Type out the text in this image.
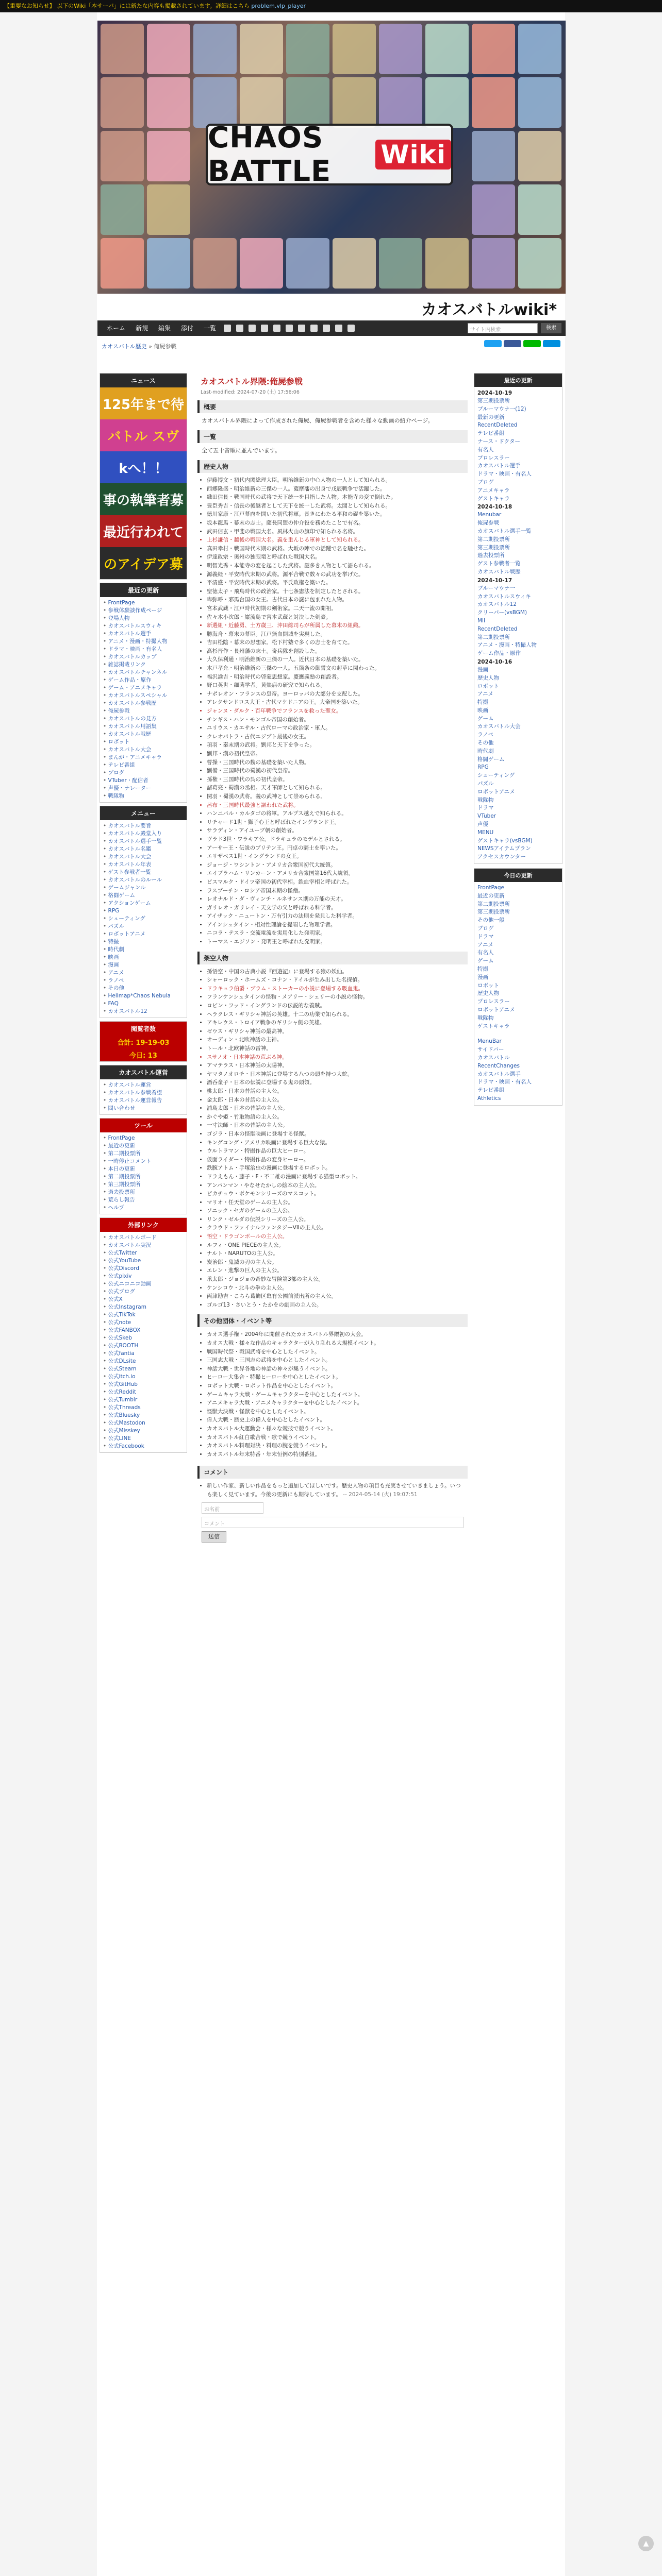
【重要なお知らせ】 以下のWiki「本サーバ」には新たな内容も掲載されています。詳細はこちら problem.vlp_player
CHAOS BATTLE	Wiki
カオスバトルwiki*
サイト内検索	検索
ホーム	新規	編集	添付	一覧
カオスバトル歴史 » 俺屍参戦
ニュース
125年まで待
バトル スヴ
kへ！！
事の執筆者募
最近行われて
のアイデア募
最近の更新
• FrontPage
• 参戦体験談作成ページ
• 登場人物
• カオスバトルスウィキ
• カオスバトル選手
• アニメ・漫画・特撮人物
• ドラマ・映画・有名人
• カオスバトルカップ
• 雑誌掲載リンク
• カオスバトルチャンネル
• ゲーム作品・原作
• ゲーム・アニメキャラ
• カオスバトルスペシャル
• カオスバトル参戦歴
• 俺屍参戦
• カオスバトルの見方
• カオスバトル用語集
• カオスバトル戦歴
• ロボット
• カオスバトル大会
• まんが・アニメキャラ
• テレビ番組
• ブログ
• VTuber・配信者
• 声優・ナレーター
• 戦隊物
メニュー
• カオスバトル要旨
• カオスバトル殿堂入り
• カオスバトル選手一覧
• カオスバトル名鑑
• カオスバトル大会
• カオスバトル年表
• ゲスト参戦者一覧
• カオスバトルのルール
• ゲームジャンル
• 格闘ゲーム
• アクションゲーム
• RPG
• シューティング
• パズル
• ロボットアニメ
• 特撮
• 時代劇
• 映画
• 漫画
• アニメ
• ラノベ
• その他
• Hellmap*Chaos Nebula
• FAQ
• カオスバトル12
閲覧者数
合計: 19-19-03
今日: 13
カオスバトル運営
• カオスバトル運営
• カオスバトル参戦希望
• カオスバトル運営報告
• 問い合わせ
ツール
• FrontPage
• 最近の更新
• 第二期投票所
• 一時停止コメント
• 本日の更新
• 第二期投票所
• 第三期投票所
• 過去投票所
• 荒らし報告
• ヘルプ
外部リンク
• カオスバトルボード
• カオスバトル実況
• 公式Twitter
• 公式YouTube
• 公式Discord
• 公式pixiv
• 公式ニコニコ動画
• 公式ブログ
• 公式X
• 公式Instagram
• 公式TikTok
• 公式note
• 公式FANBOX
• 公式Skeb
• 公式BOOTH
• 公式fantia
• 公式DLsite
• 公式Steam
• 公式itch.io
• 公式GitHub
• 公式Reddit
• 公式Tumblr
• 公式Threads
• 公式Bluesky
• 公式Mastodon
• 公式Misskey
• 公式LINE
• 公式Facebook
カオスバトル界隈:俺屍参戦
Last-modified: 2024-07-20 (土) 17:56:06
概要
カオスバトル界隈によって作成された俺屍、俺屍参戦者を含めた様々な動画の紹介ページ。
一覧
全て五十音順に並んでいます。
歴史人物
• 伊藤博文・初代内閣総理大臣。明治維新の中心人物の一人として知られる。
• 西郷隆盛・明治維新の三傑の一人。薩摩藩の出身で戊辰戦争で活躍した。
• 織田信長・戦国時代の武将で天下統一を目指した人物。本能寺の変で倒れた。
• 豊臣秀吉・信長の後継者として天下を統一した武将。太閤として知られる。
• 徳川家康・江戸幕府を開いた初代将軍。長きにわたる平和の礎を築いた。
• 坂本龍馬・幕末の志士。薩長同盟の仲介役を務めたことで有名。
• 武田信玄・甲斐の戦国大名。風林火山の旗印で知られる名将。
• 上杉謙信・越後の戦国大名。義を重んじる軍神として知られる。
• 真田幸村・戦国時代末期の武将。大坂の陣での活躍で名を馳せた。
• 伊達政宗・奥州の独眼竜と呼ばれた戦国大名。
• 明智光秀・本能寺の変を起こした武将。謎多き人物として語られる。
• 源義経・平安時代末期の武将。源平合戦で数々の武功を挙げた。
• 平清盛・平安時代末期の武将。平氏政権を築いた。
• 聖徳太子・飛鳥時代の政治家。十七条憲法を制定したとされる。
• 卑弥呼・邪馬台国の女王。古代日本の謎に包まれた人物。
• 宮本武蔵・江戸時代初期の剣術家。二天一流の開祖。
• 佐々木小次郎・巌流島で宮本武蔵と対決した剣豪。
• 新選組・近藤勇、土方歳三、沖田総司らが所属した幕末の組織。
• 勝海舟・幕末の幕臣。江戸無血開城を実現した。
• 吉田松陰・幕末の思想家。松下村塾で多くの志士を育てた。
• 高杉晋作・長州藩の志士。奇兵隊を創設した。
• 大久保利通・明治維新の三傑の一人。近代日本の基礎を築いた。
• 木戸孝允・明治維新の三傑の一人。五箇条の御誓文の起草に関わった。
• 福沢諭吉・明治時代の啓蒙思想家。慶應義塾の創設者。
• 野口英世・細菌学者。黄熱病の研究で知られる。
• ナポレオン・フランスの皇帝。ヨーロッパの大部分を支配した。
• アレクサンドロス大王・古代マケドニアの王。大帝国を築いた。
• ジャンヌ・ダルク・百年戦争でフランスを救った聖女。
• チンギス・ハン・モンゴル帝国の創始者。
• ユリウス・カエサル・古代ローマの政治家・軍人。
• クレオパトラ・古代エジプト最後の女王。
• 項羽・秦末期の武将。劉邦と天下を争った。
• 劉邦・漢の初代皇帝。
• 曹操・三国時代の魏の基礎を築いた人物。
• 劉備・三国時代の蜀漢の初代皇帝。
• 孫権・三国時代の呉の初代皇帝。
• 諸葛亮・蜀漢の丞相。天才軍師として知られる。
• 関羽・蜀漢の武将。義の武神として崇められる。
• 呂布・三国時代最強と謳われた武将。
• ハンニバル・カルタゴの将軍。アルプス越えで知られる。
• リチャード1世・獅子心王と呼ばれたイングランド王。
• サラディン・アイユーブ朝の創始者。
• ヴラド3世・ワラキア公。ドラキュラのモデルとされる。
• アーサー王・伝説のブリテン王。円卓の騎士を率いた。
• エリザベス1世・イングランドの女王。
• ジョージ・ワシントン・アメリカ合衆国初代大統領。
• エイブラハム・リンカーン・アメリカ合衆国第16代大統領。
• ビスマルク・ドイツ帝国の初代宰相。鉄血宰相と呼ばれた。
• ラスプーチン・ロシア帝国末期の怪僧。
• レオナルド・ダ・ヴィンチ・ルネサンス期の万能の天才。
• ガリレオ・ガリレイ・天文学の父と呼ばれる科学者。
• アイザック・ニュートン・万有引力の法則を発見した科学者。
• アインシュタイン・相対性理論を提唱した物理学者。
• ニコラ・テスラ・交流電流を実用化した発明家。
• トーマス・エジソン・発明王と呼ばれた発明家。
架空人物
• 孫悟空・中国の古典小説『西遊記』に登場する猿の妖仙。
• シャーロック・ホームズ・コナン・ドイルが生み出した名探偵。
• ドラキュラ伯爵・ブラム・ストーカーの小説に登場する吸血鬼。
• フランケンシュタインの怪物・メアリー・シェリーの小説の怪物。
• ロビン・フッド・イングランドの伝説的な義賊。
• ヘラクレス・ギリシャ神話の英雄。十二の功業で知られる。
• アキレウス・トロイア戦争のギリシャ側の英雄。
• ゼウス・ギリシャ神話の最高神。
• オーディン・北欧神話の主神。
• トール・北欧神話の雷神。
• スサノオ・日本神話の荒ぶる神。
• アマテラス・日本神話の太陽神。
• ヤマタノオロチ・日本神話に登場する八つの頭を持つ大蛇。
• 酒呑童子・日本の伝説に登場する鬼の頭領。
• 桃太郎・日本の昔話の主人公。
• 金太郎・日本の昔話の主人公。
• 浦島太郎・日本の昔話の主人公。
• かぐや姫・竹取物語の主人公。
• 一寸法師・日本の昔話の主人公。
• ゴジラ・日本の怪獣映画に登場する怪獣。
• キングコング・アメリカ映画に登場する巨大な猿。
• ウルトラマン・特撮作品の巨大ヒーロー。
• 仮面ライダー・特撮作品の変身ヒーロー。
• 鉄腕アトム・手塚治虫の漫画に登場するロボット。
• ドラえもん・藤子・F・不二雄の漫画に登場する猫型ロボット。
• アンパンマン・やなせたかしの絵本の主人公。
• ピカチュウ・ポケモンシリーズのマスコット。
• マリオ・任天堂のゲームの主人公。
• ソニック・セガのゲームの主人公。
• リンク・ゼルダの伝説シリーズの主人公。
• クラウド・ファイナルファンタジーVIIの主人公。
• 悟空・ドラゴンボールの主人公。
• ルフィ・ONE PIECEの主人公。
• ナルト・NARUTOの主人公。
• 炭治郎・鬼滅の刃の主人公。
• エレン・進撃の巨人の主人公。
• 承太郎・ジョジョの奇妙な冒険第3部の主人公。
• ケンシロウ・北斗の拳の主人公。
• 両津勘吉・こちら葛飾区亀有公園前派出所の主人公。
• ゴルゴ13・さいとう・たかをの劇画の主人公。
その他団体・イベント等
• カオス選手権・2004年に開催されたカオスバトル界隈初の大会。
• カオス大戦・様々な作品のキャラクターが入り乱れる大規模イベント。
• 戦国時代祭・戦国武将を中心としたイベント。
• 三国志大戦・三国志の武将を中心としたイベント。
• 神話大戦・世界各地の神話の神々が集うイベント。
• ヒーロー大集合・特撮ヒーローを中心としたイベント。
• ロボット大戦・ロボット作品を中心としたイベント。
• ゲームキャラ大戦・ゲームキャラクターを中心としたイベント。
• アニメキャラ大戦・アニメキャラクターを中心としたイベント。
• 怪獣大決戦・怪獣を中心としたイベント。
• 偉人大戦・歴史上の偉人を中心としたイベント。
• カオスバトル大運動会・様々な競技で競うイベント。
• カオスバトル紅白歌合戦・歌で競うイベント。
• カオスバトル料理対決・料理の腕を競うイベント。
• カオスバトル年末特番・年末恒例の特別番組。
コメント
• 新しい作家、新しい作品をもっと追加してほしいです。歴史人物の項目も充実させていきましょう。いつも楽しく見ています。今後の更新にも期待しています。 -- 2024-05-14 (火) 19:07:51
お名前
コメント
送信
最近の更新
2024-10-19
第三期投票所
ブルーマウナ一(12)
最新の更新
RecentDeleted
テレビ番組
ナース・ドクター
有名人
プロレスラー
カオスバトル選手
ドラマ・映画・有名人
ブログ
アニメキャラ
ゲストキャラ
2024-10-18
Menubar
俺屍参戦
カオスバトル選手一覧
第二期投票所
第三期投票所
過去投票所
ゲスト参戦者一覧
カオスバトル戦歴
2024-10-17
ブルーマウナ一
カオスバトルスウィキ
カオスバトル12
クリーパー(vsBGM)
Mii
RecentDeleted
第二期投票所
アニメ・漫画・特撮人物
ゲーム作品・原作
2024-10-16
漫画
歴史人物
ロボット
アニメ
特撮
映画
ゲーム
カオスバトル大会
ラノベ
その他
時代劇
格闘ゲーム
RPG
シューティング
パズル
ロボットアニメ
戦隊物
ドラマ
VTuber
声優
MENU
ゲストキャラ(vsBGM)
NEWSアイテムプラン
アクセスカウンター
今日の更新
FrontPage
最近の更新
第二期投票所
第三期投票所
その他一般
ブログ
ドラマ
アニメ
有名人
ゲーム
特撮
漫画
ロボット
歴史人物
プロレスラー
ロボットアニメ
戦隊物
ゲストキャラ
MenuBar
サイドバー
カオスバトル
RecentChanges
カオスバトル選手
ドラマ・映画・有名人
テレビ番組
Athletics
▲
